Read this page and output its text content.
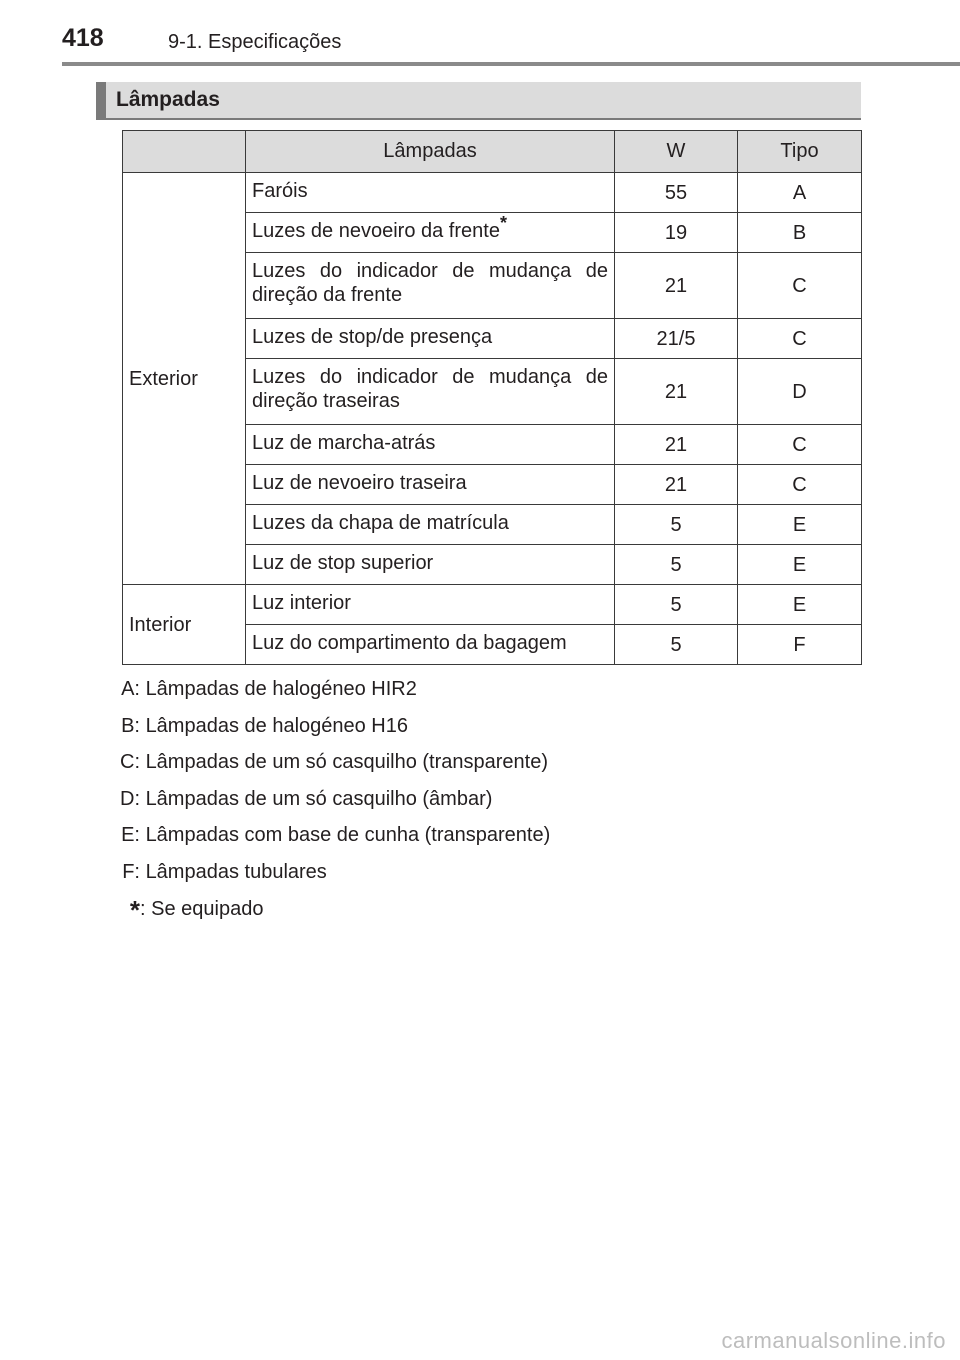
418	9-1. Especificações
Lâmpadas
	Lâmpadas	W	Tipo
Exterior	Faróis	55	A
	Luzes de nevoeiro da frente*	19	B
	Luzes do indicador de mudança de direção da frente	21	C
	Luzes de stop/de presença	21/5	C
	Luzes do indicador de mudança de direção traseiras	21	D
	Luz de marcha-atrás	21	C
	Luz de nevoeiro traseira	21	C
	Luzes da chapa de matrícula	5	E
	Luz de stop superior	5	E
Interior	Luz interior	5	E
	Luz do compartimento da bagagem	5	F
A: Lâmpadas de halogéneo HIR2
B: Lâmpadas de halogéneo H16
C: Lâmpadas de um só casquilho (transparente)
D: Lâmpadas de um só casquilho (âmbar)
E: Lâmpadas com base de cunha (transparente)
F: Lâmpadas tubulares
*: Se equipado
carmanualsonline.info
